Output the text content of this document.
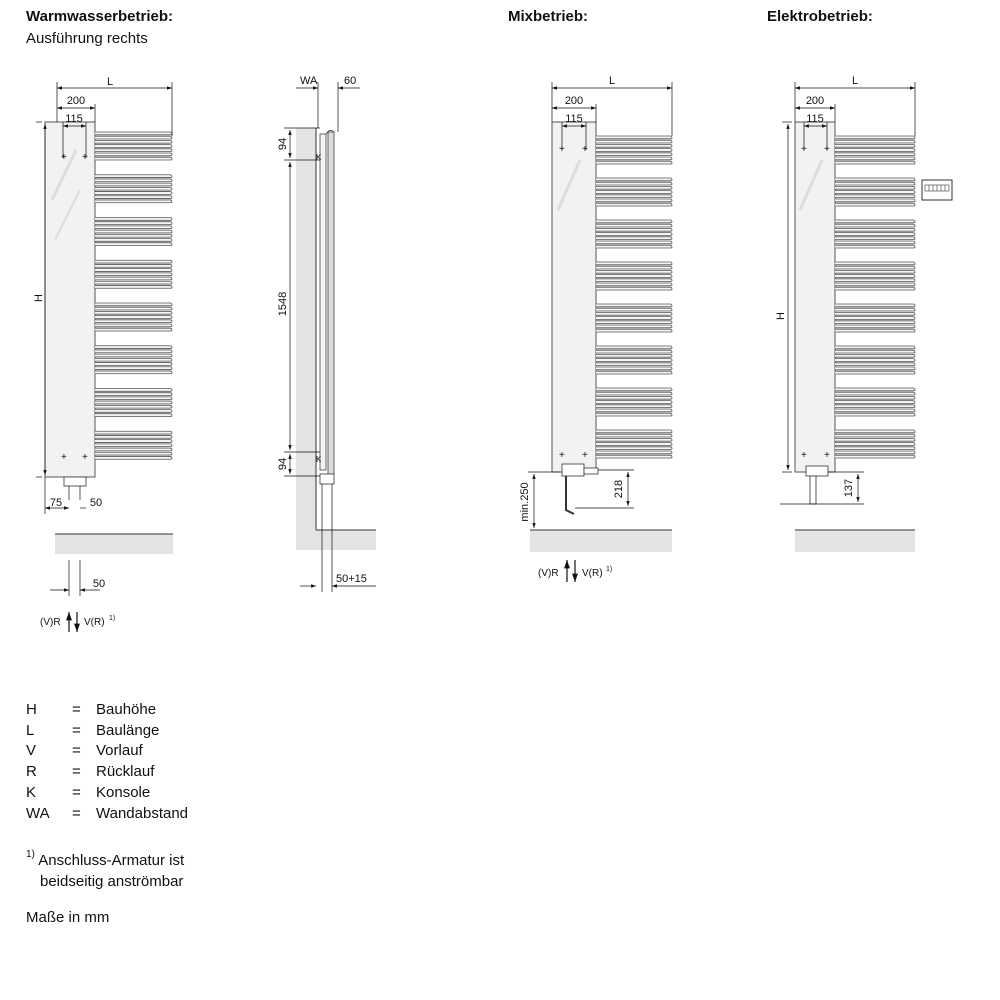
Warmwasserbetrieb:
Ausführung rechts
Mixbetrieb:	Elektrobetrieb:
L
200
115
+ +
+ +
H
75	50
50
(V)R V(R) 1)
K
K
WA 60
94
1548
94
50+15
L
200
115
+ +
+ +
218
min.250
(V)R V(R) 1)
L
200
115
+ +
+ +
H
137
H	=	Bauhöhe
L	=	Baulänge
V	=	Vorlauf
R	=	Rücklauf
K	=	Konsole
WA	=	Wandabstand
$^{1)}$ Anschluss-Armatur ist
beidseitig anströmbar
Maße in mm
